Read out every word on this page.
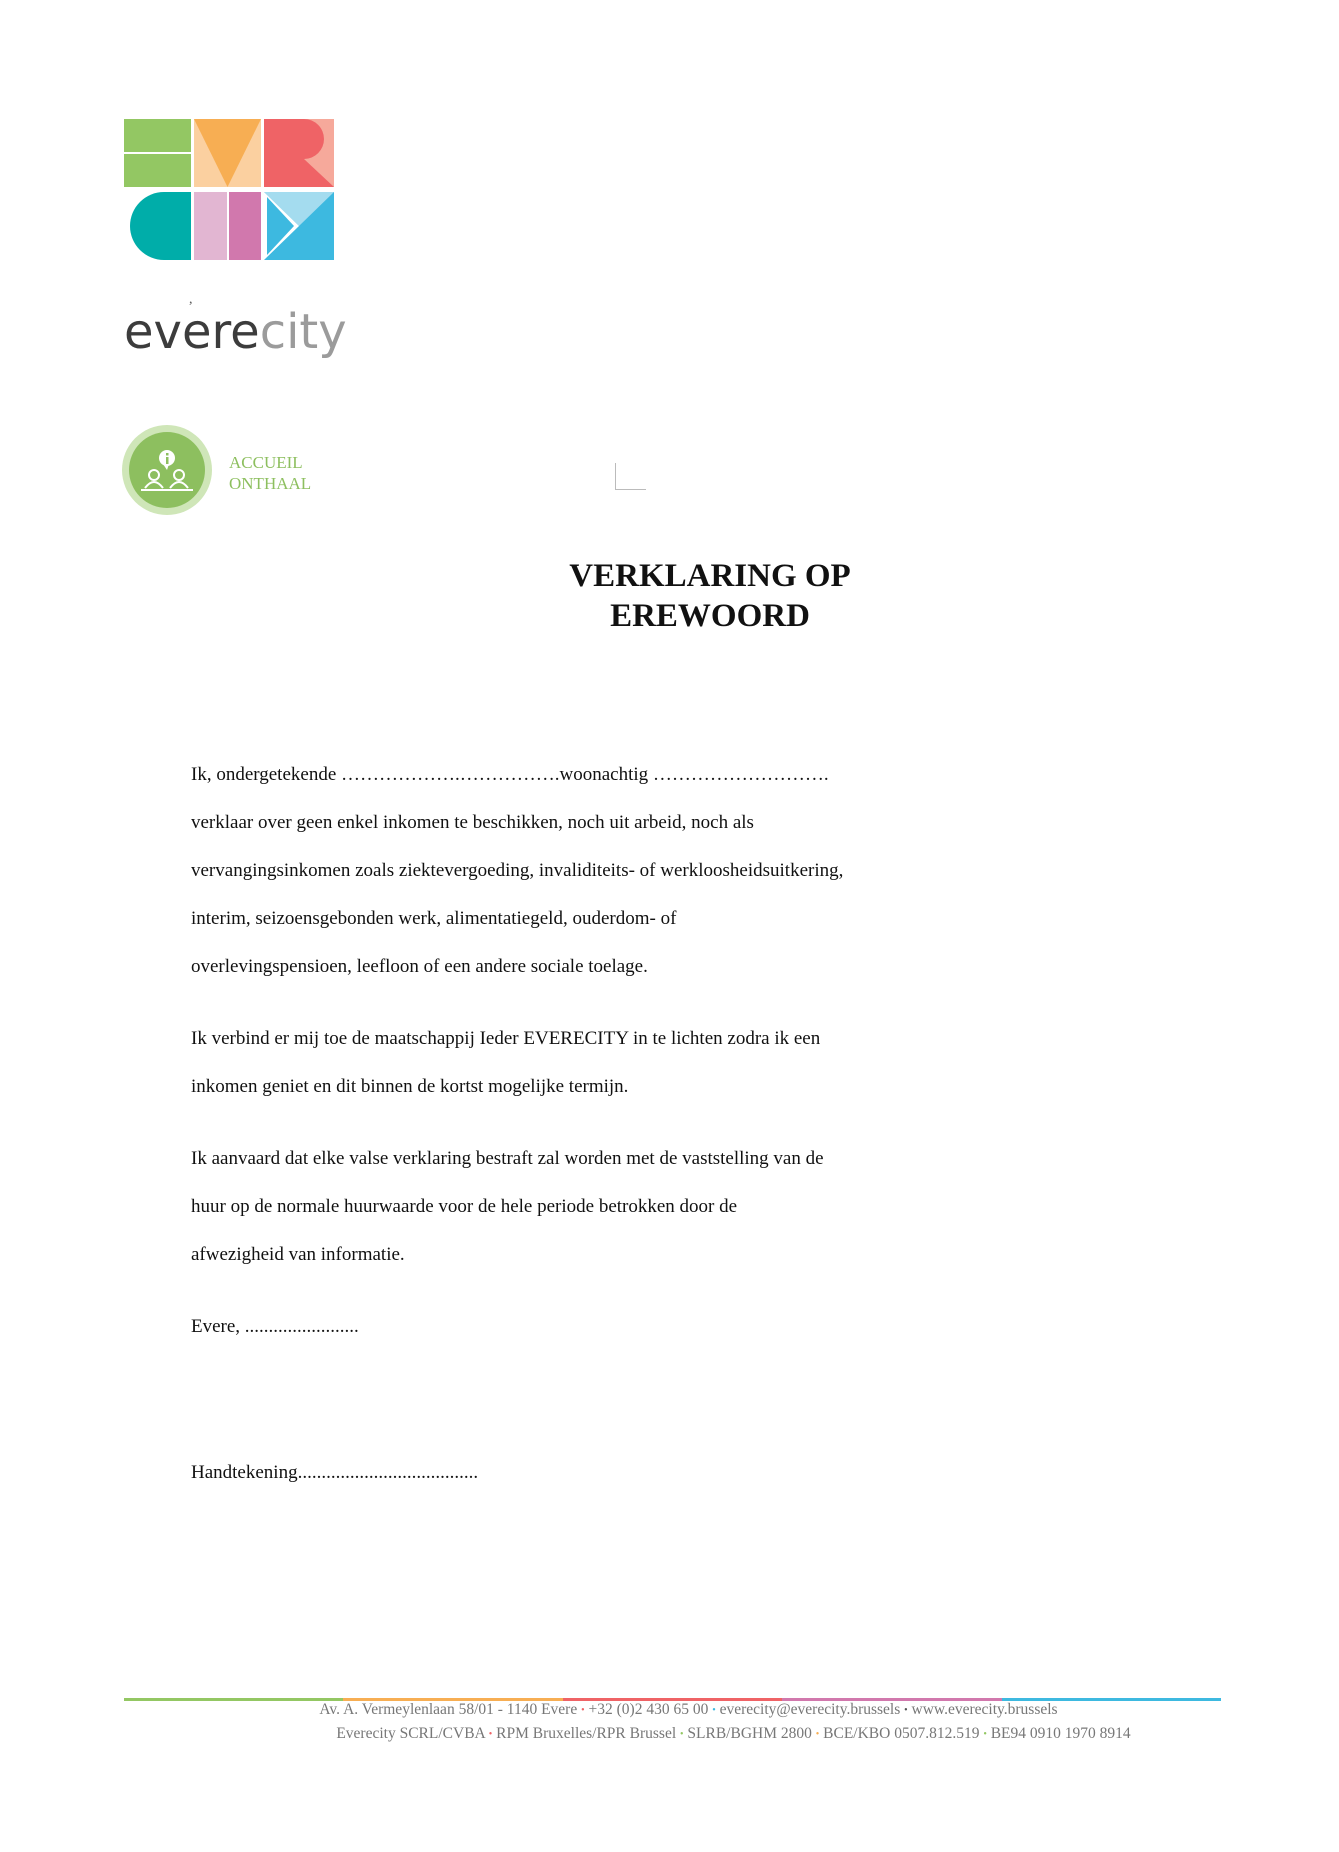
,
everecity
ACCUEIL
ONTHAAL
VERKLARING OP
EREWOORD
Ik, ondergetekende ……………….…………….woonachtig ……………………….
verklaar over geen enkel inkomen te beschikken, noch uit arbeid, noch als
vervangingsinkomen zoals ziektevergoeding, invaliditeits- of werkloosheidsuitkering,
interim, seizoensgebonden werk, alimentatiegeld, ouderdom- of
overlevingspensioen, leefloon of een andere sociale toelage.
Ik verbind er mij toe de maatschappij Ieder EVERECITY in te lichten zodra ik een
inkomen geniet en dit binnen de kortst mogelijke termijn.
Ik aanvaard dat elke valse verklaring bestraft zal worden met de vaststelling van de
huur op de normale huurwaarde voor de hele periode betrokken door de
afwezigheid van informatie.
Evere, ........................
Handtekening......................................
Av. A. Vermeylenlaan 58/01 - 1140 Evere • +32 (0)2 430 65 00 • everecity@everecity.brussels • www.everecity.brussels
Everecity SCRL/CVBA • RPM Bruxelles/RPR Brussel • SLRB/BGHM 2800 • BCE/KBO 0507.812.519 • BE94 0910 1970 8914
